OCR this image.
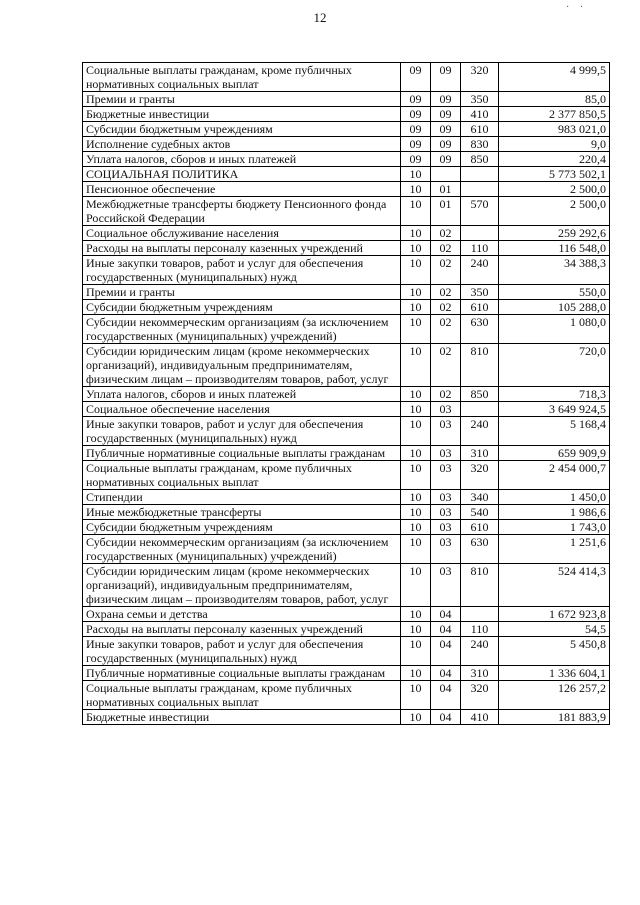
· ·
12
Социальные выплаты гражданам, кроме публичных нормативных социальных выплат	09	09	320	4 999,5
Премии и гранты	09	09	350	85,0
Бюджетные инвестиции	09	09	410	2 377 850,5
Субсидии бюджетным учреждениям	09	09	610	983 021,0
Исполнение судебных актов	09	09	830	9,0
Уплата налогов, сборов и иных платежей	09	09	850	220,4
СОЦИАЛЬНАЯ ПОЛИТИКА	10			5 773 502,1
Пенсионное обеспечение	10	01		2 500,0
Межбюджетные трансферты бюджету Пенсионного фонда Российской Федерации	10	01	570	2 500,0
Социальное обслуживание населения	10	02		259 292,6
Расходы на выплаты персоналу казенных учреждений	10	02	110	116 548,0
Иные закупки товаров, работ и услуг для обеспечения государственных (муниципальных) нужд	10	02	240	34 388,3
Премии и гранты	10	02	350	550,0
Субсидии бюджетным учреждениям	10	02	610	105 288,0
Субсидии некоммерческим организациям (за исключением государственных (муниципальных) учреждений)	10	02	630	1 080,0
Субсидии юридическим лицам (кроме некоммерческих организаций), индивидуальным предпринимателям, физическим лицам – производителям товаров, работ, услуг	10	02	810	720,0
Уплата налогов, сборов и иных платежей	10	02	850	718,3
Социальное обеспечение населения	10	03		3 649 924,5
Иные закупки товаров, работ и услуг для обеспечения государственных (муниципальных) нужд	10	03	240	5 168,4
Публичные нормативные социальные выплаты гражданам	10	03	310	659 909,9
Социальные выплаты гражданам, кроме публичных нормативных социальных выплат	10	03	320	2 454 000,7
Стипендии	10	03	340	1 450,0
Иные межбюджетные трансферты	10	03	540	1 986,6
Субсидии бюджетным учреждениям	10	03	610	1 743,0
Субсидии некоммерческим организациям (за исключением государственных (муниципальных) учреждений)	10	03	630	1 251,6
Субсидии юридическим лицам (кроме некоммерческих организаций), индивидуальным предпринимателям, физическим лицам – производителям товаров, работ, услуг	10	03	810	524 414,3
Охрана семьи и детства	10	04		1 672 923,8
Расходы на выплаты персоналу казенных учреждений	10	04	110	54,5
Иные закупки товаров, работ и услуг для обеспечения государственных (муниципальных) нужд	10	04	240	5 450,8
Публичные нормативные социальные выплаты гражданам	10	04	310	1 336 604,1
Социальные выплаты гражданам, кроме публичных нормативных социальных выплат	10	04	320	126 257,2
Бюджетные инвестиции	10	04	410	181 883,9
